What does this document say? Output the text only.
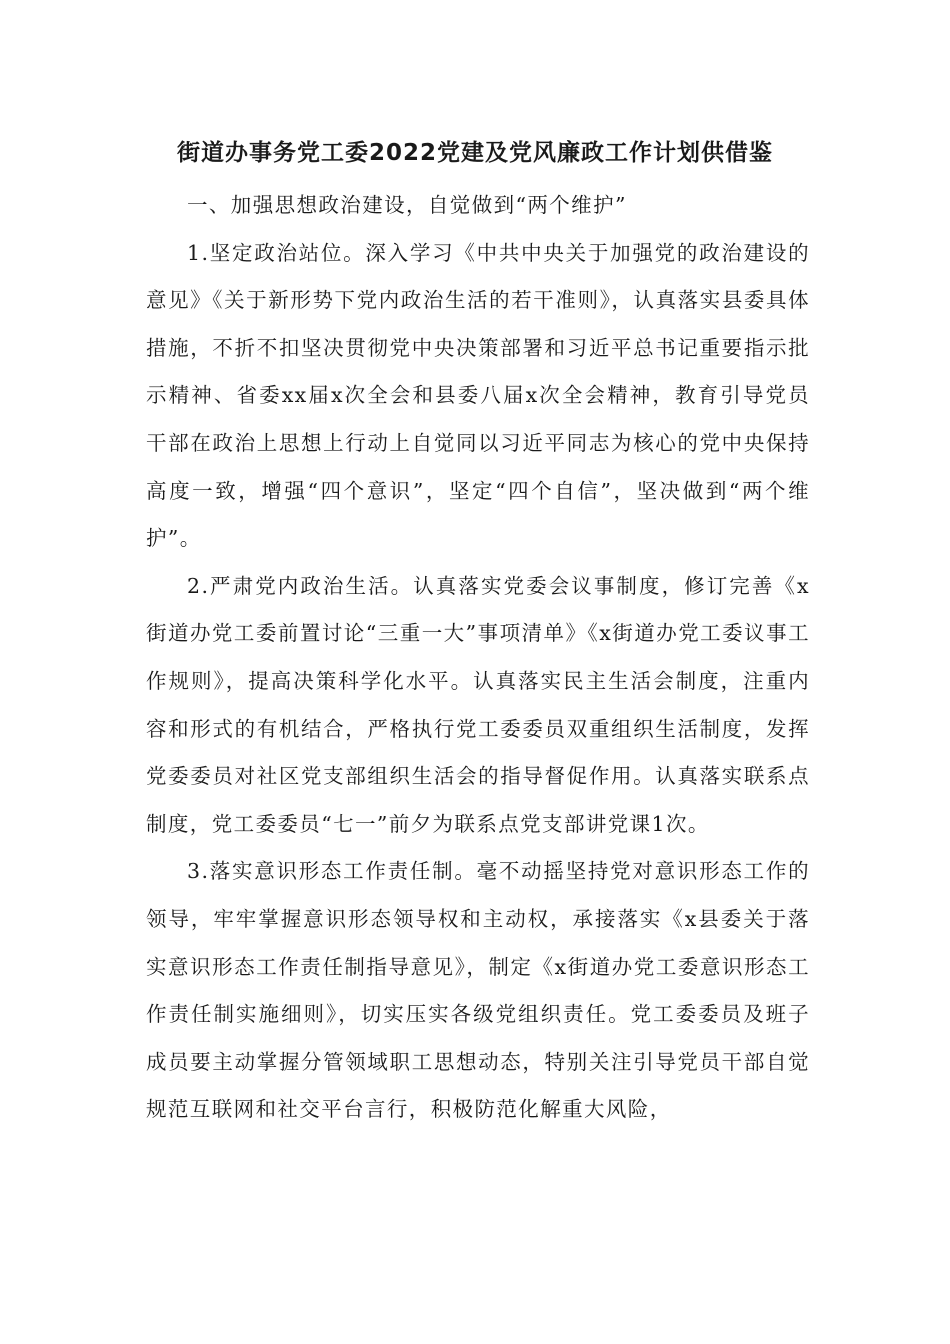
街道办事务党工委2022党建及党风廉政工作计划供借鉴

一、加强思想政治建设，自觉做到“两个维护”

1.坚定政治站位。深入学习《中共中央关于加强党的政治建设的意见》《关于新形势下党内政治生活的若干准则》，认真落实县委具体措施，不折不扣坚决贯彻党中央决策部署和习近平总书记重要指示批示精神、省委xx届x次全会和县委八届x次全会精神，教育引导党员干部在政治上思想上行动上自觉同以习近平同志为核心的党中央保持高度一致，增强“四个意识”，坚定“四个自信”，坚决做到“两个维护”。

2.严肃党内政治生活。认真落实党委会议事制度，修订完善《x街道办党工委前置讨论“三重一大”事项清单》《x街道办党工委议事工作规则》，提高决策科学化水平。认真落实民主生活会制度，注重内容和形式的有机结合，严格执行党工委委员双重组织生活制度，发挥党委委员对社区党支部组织生活会的指导督促作用。认真落实联系点制度，党工委委员“七一”前夕为联系点党支部讲党课1次。

3.落实意识形态工作责任制。毫不动摇坚持党对意识形态工作的领导，牢牢掌握意识形态领导权和主动权，承接落实《x县委关于落实意识形态工作责任制指导意见》，制定《x街道办党工委意识形态工作责任制实施细则》，切实压实各级党组织责任。党工委委员及班子成员要主动掌握分管领域职工思想动态，特别关注引导党员干部自觉规范互联网和社交平台言行，积极防范化解重大风险，
